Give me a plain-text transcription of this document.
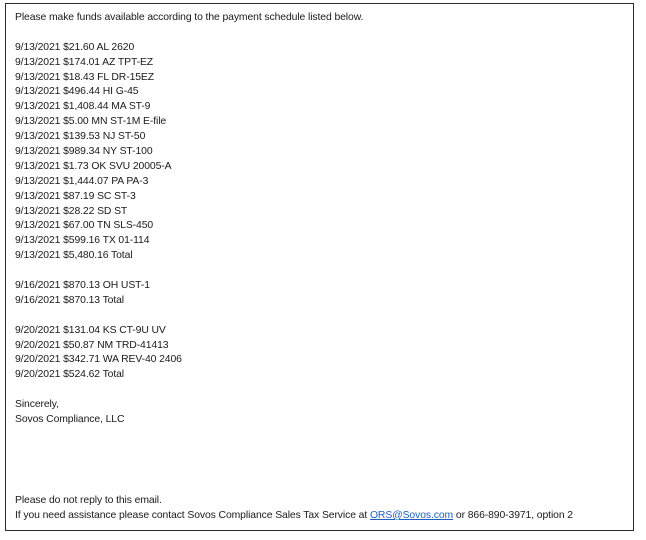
Please make funds available according to the payment schedule listed below.
9/13/2021 $21.60 AL 2620
9/13/2021 $174.01 AZ TPT-EZ
9/13/2021 $18.43 FL DR-15EZ
9/13/2021 $496.44 HI G-45
9/13/2021 $1,408.44 MA ST-9
9/13/2021 $5.00 MN ST-1M E-file
9/13/2021 $139.53 NJ ST-50
9/13/2021 $989.34 NY ST-100
9/13/2021 $1.73 OK SVU 20005-A
9/13/2021 $1,444.07 PA PA-3
9/13/2021 $87.19 SC ST-3
9/13/2021 $28.22 SD ST
9/13/2021 $67.00 TN SLS-450
9/13/2021 $599.16 TX 01-114
9/13/2021 $5,480.16 Total
9/16/2021 $870.13 OH UST-1
9/16/2021 $870.13 Total
9/20/2021 $131.04 KS CT-9U UV
9/20/2021 $50.87 NM TRD-41413
9/20/2021 $342.71 WA REV-40 2406
9/20/2021 $524.62 Total
Sincerely,
Sovos Compliance, LLC
Please do not reply to this email.
If you need assistance please contact Sovos Compliance Sales Tax Service at ORS@Sovos.com or 866-890-3971, option 2
